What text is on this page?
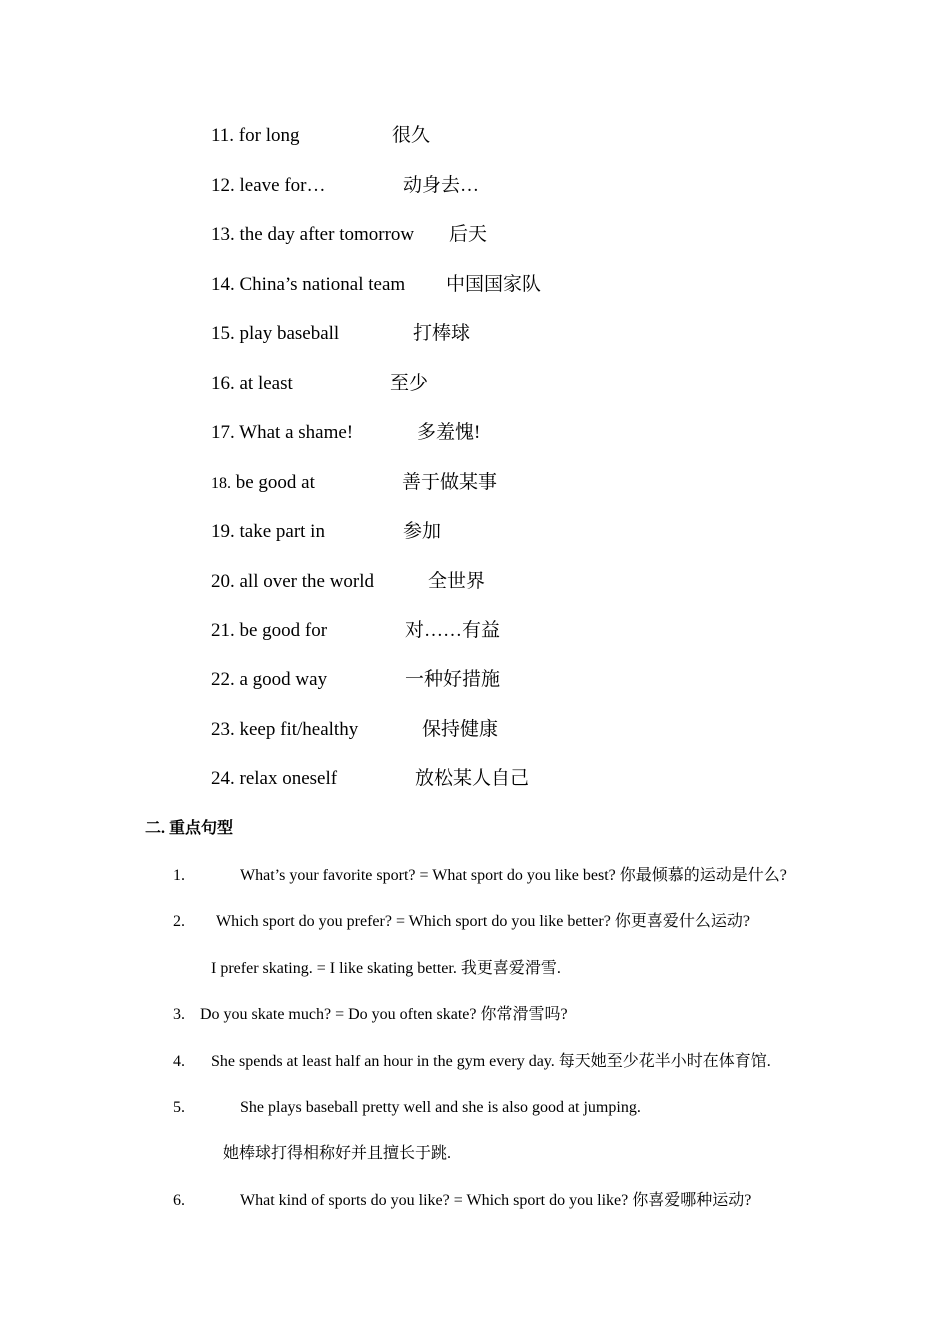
11. for long	很久
12. leave for…	动身去…
13. the day after tomorrow 后天
14. China’s national team 中国国家队
15. play baseball	打棒球
16. at least	至少
17. What a shame!	多羞愧!
18. be good at	善于做某事
19. take part in	参加
20. all over the world	全世界
21. be good for	对……有益
22. a good way	一种好措施
23. keep fit/healthy	保持健康
24. relax oneself	放松某人自己
二. 重点句型
1.	What’s your favorite sport? = What sport do you like best? 你最倾慕的运动是什么?
2. Which sport do you prefer? = Which sport do you like better? 你更喜爱什么运动?
I prefer skating. = I like skating better. 我更喜爱滑雪.
3. Do you skate much? = Do you often skate? 你常滑雪吗?
4. She spends at least half an hour in the gym every day. 每天她至少花半小时在体育馆.
5.	She plays baseball pretty well and she is also good at jumping.
她棒球打得相称好并且擅长于跳.
6.	What kind of sports do you like? = Which sport do you like? 你喜爱哪种运动?
